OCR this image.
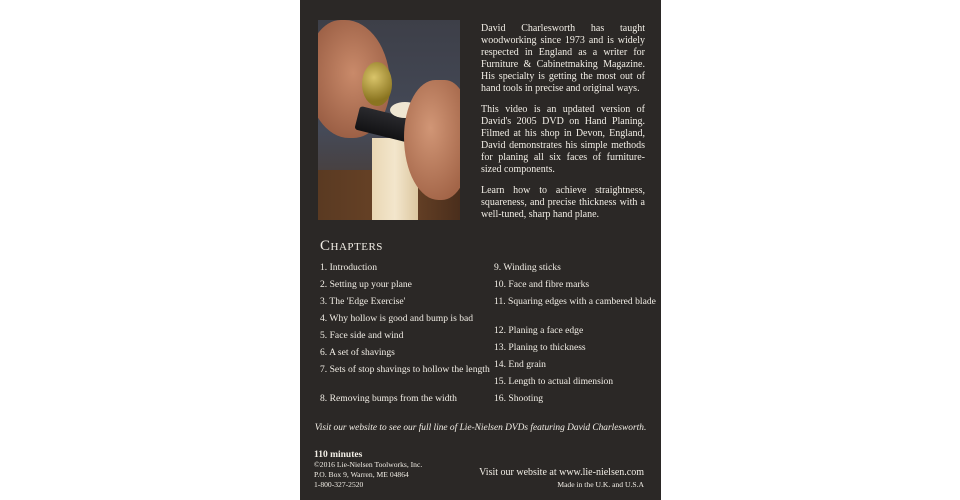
David Charlesworth has taught woodworking since 1973 and is widely respected in England as a writer for Furniture & Cabinetmaking Magazine. His specialty is getting the most out of hand tools in precise and original ways.

This video is an updated version of David's 2005 DVD on Hand Planing. Filmed at his shop in Devon, England, David demonstrates his simple methods for planing all six faces of furniture-sized components.

Learn how to achieve straightness, squareness, and precise thickness with a well-tuned, sharp hand plane.

Chapters
1. Introduction
2. Setting up your plane
3. The 'Edge Exercise'
4. Why hollow is good and bump is bad
5. Face side and wind
6. A set of shavings
7. Sets of stop shavings to hollow the length
8. Removing bumps from the width
9. Winding sticks
10. Face and fibre marks
11. Squaring edges with a cambered blade
12. Planing a face edge
13. Planing to thickness
14. End grain
15. Length to actual dimension
16. Shooting

Visit our website to see our full line of Lie-Nielsen DVDs featuring David Charlesworth.

110 minutes

©2016 Lie-Nielsen Toolworks, Inc.

P.O. Box 9, Warren, ME 04864

1-800-327-2520

Visit our website at www.lie-nielsen.com

Made in the U.K. and U.S.A
